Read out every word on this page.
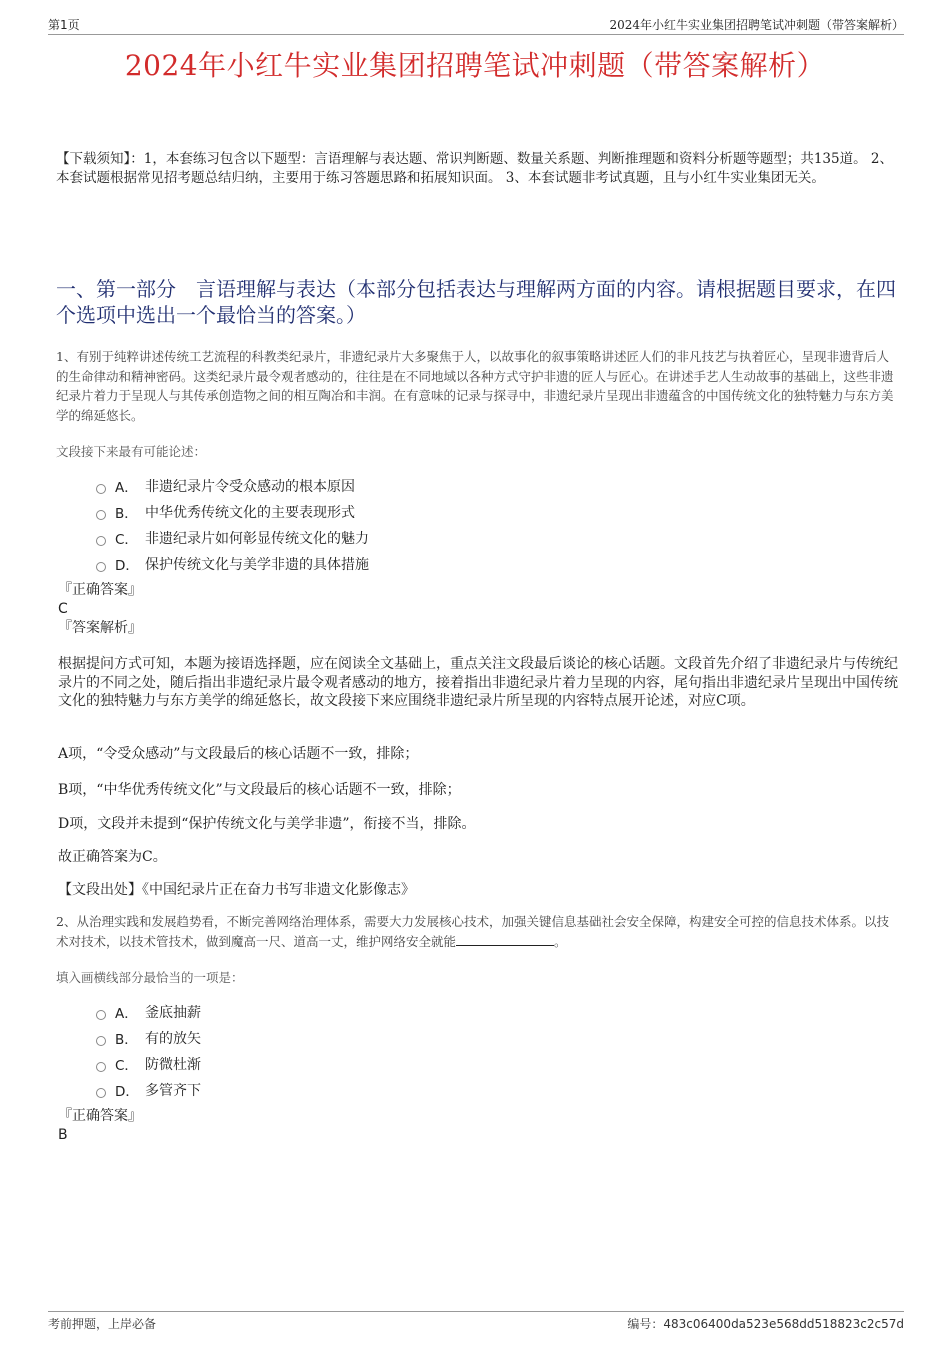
第1页	2024年小红牛实业集团招聘笔试冲刺题（带答案解析）
2024年小红牛实业集团招聘笔试冲刺题（带答案解析）
【下载须知】：1，本套练习包含以下题型：言语理解与表达题、常识判断题、数量关系题、判断推理题和资料分析题等题型；共135道。 2、本套试题根据常见招考题总结归纳，主要用于练习答题思路和拓展知识面。 3、本套试题非考试真题，且与小红牛实业集团无关。
一、第一部分　言语理解与表达（本部分包括表达与理解两方面的内容。请根据题目要求，在四个选项中选出一个最恰当的答案。）
1、有别于纯粹讲述传统工艺流程的科教类纪录片，非遗纪录片大多聚焦于人，以故事化的叙事策略讲述匠人们的非凡技艺与执着匠心，呈现非遗背后人的生命律动和精神密码。这类纪录片最令观者感动的，往往是在不同地域以各种方式守护非遗的匠人与匠心。在讲述手艺人生动故事的基础上，这些非遗纪录片着力于呈现人与其传承创造物之间的相互陶冶和丰润。在有意味的记录与探寻中，非遗纪录片呈现出非遗蕴含的中国传统文化的独特魅力与东方美学的绵延悠长。
文段接下来最有可能论述：
A． 非遗纪录片令受众感动的根本原因
B． 中华优秀传统文化的主要表现形式
C． 非遗纪录片如何彰显传统文化的魅力
D． 保护传统文化与美学非遗的具体措施
『正确答案』
C
『答案解析』
根据提问方式可知，本题为接语选择题，应在阅读全文基础上，重点关注文段最后谈论的核心话题。文段首先介绍了非遗纪录片与传统纪录片的不同之处，随后指出非遗纪录片最令观者感动的地方，接着指出非遗纪录片着力呈现的内容，尾句指出非遗纪录片呈现出中国传统文化的独特魅力与东方美学的绵延悠长，故文段接下来应围绕非遗纪录片所呈现的内容特点展开论述，对应C项。
A项，“令受众感动”与文段最后的核心话题不一致，排除；
B项，“中华优秀传统文化”与文段最后的核心话题不一致，排除；
D项，文段并未提到“保护传统文化与美学非遗”，衔接不当，排除。
故正确答案为C。
【文段出处】《中国纪录片正在奋力书写非遗文化影像志》
2、从治理实践和发展趋势看，不断完善网络治理体系，需要大力发展核心技术，加强关键信息基础社会安全保障，构建安全可控的信息技术体系。以技术对技术，以技术管技术，做到魔高一尺、道高一丈，维护网络安全就能	。
填入画横线部分最恰当的一项是：
A． 釜底抽薪
B． 有的放矢
C． 防微杜渐
D． 多管齐下
『正确答案』
B
考前押题，上岸必备	编号：483c06400da523e568dd518823c2c57d
